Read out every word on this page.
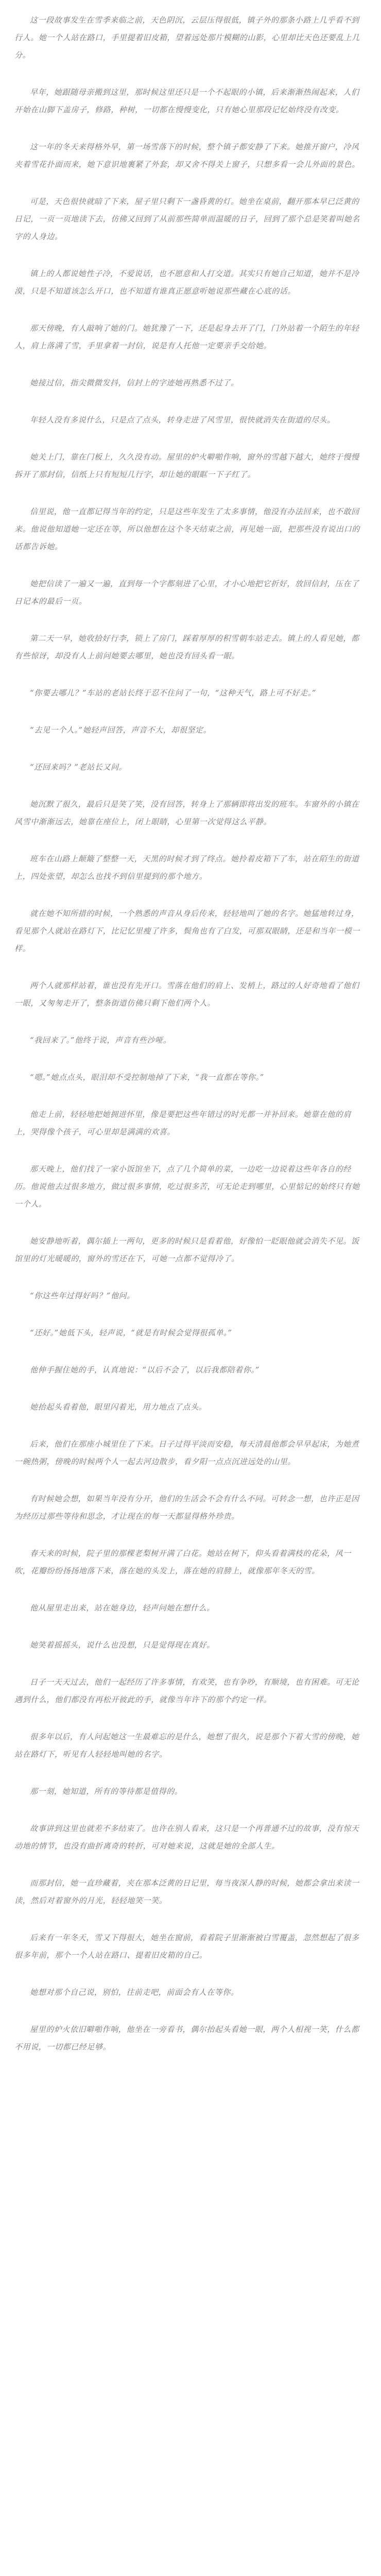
这一段故事发生在雪季来临之前，天色阴沉，云层压得很低，镇子外的那条小路上几乎看不到行人。她一个人站在路口，手里提着旧皮箱，望着远处那片模糊的山影，心里却比天色还要乱上几分。

早年，她跟随母亲搬到这里，那时候这里还只是一个不起眼的小镇，后来渐渐热闹起来，人们开始在山脚下盖房子，修路，种树，一切都在慢慢变化，只有她心里那段记忆始终没有改变。

这一年的冬天来得格外早，第一场雪落下的时候，整个镇子都安静了下来。她推开窗户，冷风夹着雪花扑面而来，她下意识地裹紧了外套，却又舍不得关上窗子，只想多看一会儿外面的景色。

可是，天色很快就暗了下来，屋子里只剩下一盏昏黄的灯。她坐在桌前，翻开那本早已泛黄的日记，一页一页地读下去，仿佛又回到了从前那些简单而温暖的日子，回到了那个总是笑着叫她名字的人身边。

镇上的人都说她性子冷，不爱说话，也不愿意和人打交道。其实只有她自己知道，她并不是冷漠，只是不知道该怎么开口，也不知道有谁真正愿意听她说那些藏在心底的话。

那天傍晚，有人敲响了她的门。她犹豫了一下，还是起身去开了门，门外站着一个陌生的年轻人，肩上落满了雪，手里拿着一封信，说是有人托他一定要亲手交给她。

她接过信，指尖微微发抖，信封上的字迹她再熟悉不过了。

年轻人没有多说什么，只是点了点头，转身走进了风雪里，很快就消失在街道的尽头。

她关上门，靠在门板上，久久没有动。屋里的炉火噼啪作响，窗外的雪越下越大，她终于慢慢拆开了那封信，信纸上只有短短几行字，却让她的眼眶一下子红了。

信里说，他一直都记得当年的约定，只是这些年发生了太多事情，他没有办法回来，也不敢回来。他说他知道她一定还在等，所以他想在这个冬天结束之前，再见她一面，把那些没有说出口的话都告诉她。

她把信读了一遍又一遍，直到每一个字都刻进了心里，才小心地把它折好，放回信封，压在了日记本的最后一页。

第二天一早，她收拾好行李，锁上了房门，踩着厚厚的积雪朝车站走去。镇上的人看见她，都有些惊讶，却没有人上前问她要去哪里，她也没有回头看一眼。

“你要去哪儿？”车站的老站长终于忍不住问了一句，“这种天气，路上可不好走。”

“去见一个人。”她轻声回答，声音不大，却很坚定。

“还回来吗？”老站长又问。

她沉默了很久，最后只是笑了笑，没有回答，转身上了那辆即将出发的班车。车窗外的小镇在风雪中渐渐远去，她靠在座位上，闭上眼睛，心里第一次觉得这么平静。

班车在山路上颠簸了整整一天，天黑的时候才到了终点。她拎着皮箱下了车，站在陌生的街道上，四处张望，却怎么也找不到信里提到的那个地方。

就在她不知所措的时候，一个熟悉的声音从身后传来，轻轻地叫了她的名字。她猛地转过身，看见那个人就站在路灯下，比记忆里瘦了许多，鬓角也有了白发，可那双眼睛，还是和当年一模一样。

两个人就那样站着，谁也没有先开口。雪落在他们的肩上、发梢上，路过的人好奇地看了他们一眼，又匆匆走开了，整条街道仿佛只剩下他们两个人。

“我回来了。”他终于说，声音有些沙哑。

“嗯。”她点点头，眼泪却不受控制地掉了下来，“我一直都在等你。”

他走上前，轻轻地把她拥进怀里，像是要把这些年错过的时光都一并补回来。她靠在他的肩上，哭得像个孩子，可心里却是满满的欢喜。

那天晚上，他们找了一家小饭馆坐下，点了几个简单的菜，一边吃一边说着这些年各自的经历。他说他去过很多地方，做过很多事情，吃过很多苦，可无论走到哪里，心里惦记的始终只有她一个人。

她安静地听着，偶尔插上一两句，更多的时候只是看着他，好像怕一眨眼他就会消失不见。饭馆里的灯光暖暖的，窗外的雪还在下，可她一点都不觉得冷了。

“你这些年过得好吗？”他问。

“还好。”她低下头，轻声说，“就是有时候会觉得很孤单。”

他伸手握住她的手，认真地说：“以后不会了，以后我都陪着你。”

她抬起头看着他，眼里闪着光，用力地点了点头。

后来，他们在那座小城里住了下来。日子过得平淡而安稳，每天清晨他都会早早起床，为她煮一碗热粥，傍晚的时候两个人一起去河边散步，看夕阳一点点沉进远处的山里。

有时候她会想，如果当年没有分开，他们的生活会不会有什么不同。可转念一想，也许正是因为经历过那些等待和思念，才让现在的每一天都显得格外珍贵。

春天来的时候，院子里的那棵老梨树开满了白花。她站在树下，仰头看着满枝的花朵，风一吹，花瓣纷纷扬扬地落下来，落在她的头发上，落在她的肩膀上，就像那年冬天的雪。

他从屋里走出来，站在她身边，轻声问她在想什么。

她笑着摇摇头，说什么也没想，只是觉得现在真好。

日子一天天过去，他们一起经历了许多事情，有欢笑，也有争吵，有顺境，也有困难。可无论遇到什么，他们都没有再松开彼此的手，就像当年许下的那个约定一样。

很多年以后，有人问起她这一生最难忘的是什么，她想了很久，说是那个下着大雪的傍晚，她站在路灯下，听见有人轻轻地叫她的名字。

那一刻，她知道，所有的等待都是值得的。

故事讲到这里也就差不多结束了。也许在别人看来，这只是一个再普通不过的故事，没有惊天动地的情节，也没有曲折离奇的转折，可对她来说，这就是她的全部人生。

而那封信，她一直珍藏着，夹在那本泛黄的日记里，每当夜深人静的时候，她都会拿出来读一读，然后对着窗外的月光，轻轻地笑一笑。

后来有一年冬天，雪又下得很大，她坐在窗前，看着院子里渐渐被白雪覆盖，忽然想起了很多很多年前，那个一个人站在路口、提着旧皮箱的自己。

她想对那个自己说，别怕，往前走吧，前面会有人在等你。

屋里的炉火依旧噼啪作响，他坐在一旁看书，偶尔抬起头看她一眼，两个人相视一笑，什么都不用说，一切都已经足够。
